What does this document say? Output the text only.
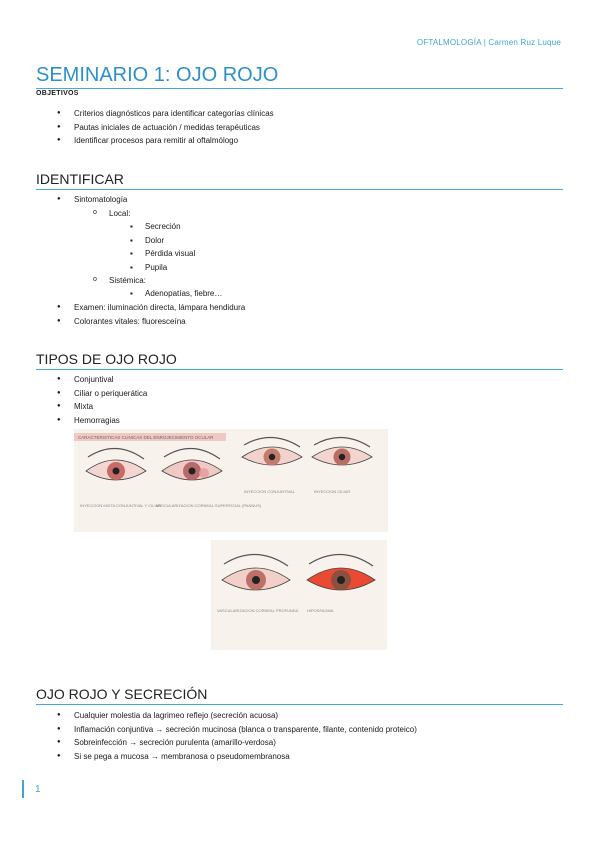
OFTALMOLOGÍA | Carmen Ruz Luque
SEMINARIO 1: OJO ROJO
OBJETIVOS
● Criterios diagnósticos para identificar categorías clínicas
● Pautas iniciales de actuación / medidas terapéuticas
● Identificar procesos para remitir al oftalmólogo
IDENTIFICAR
● Sintomatología
o Local:
▪ Secreción
▪ Dolor
▪ Pérdida visual
▪ Pupila
o Sistémica:
▪ Adenopatías, fiebre…
● Examen: iluminación directa, lámpara hendidura
● Colorantes vitales: fluoresceína
TIPOS DE OJO ROJO
● Conjuntival
● Ciliar o periquerática
● Mixta
● Hemorragias
CARACTERISTICAS CLINICAS DEL ENROJECIMIENTO OCULAR
INYECCION MIXTA CONJUNTIVAL Y CILIAR
VASCULARIZACION CORNEAL SUPERFICIAL (PANNUS)
INYECCION CONJUNTIVAL	INYECCION CILIAR
VASCULARIZACION CORNEAL PROFUNDA HIPOSFAGMA
OJO ROJO Y SECRECIÓN
● Cualquier molestia da lagrimeo reflejo (secreción acuosa)
● Inflamación conjuntiva → secreción mucinosa (blanca o transparente, filante, contenido proteico)
● Sobreinfección → secreción purulenta (amarillo-verdosa)
● Si se pega a mucosa → membranosa o pseudomembranosa
1
